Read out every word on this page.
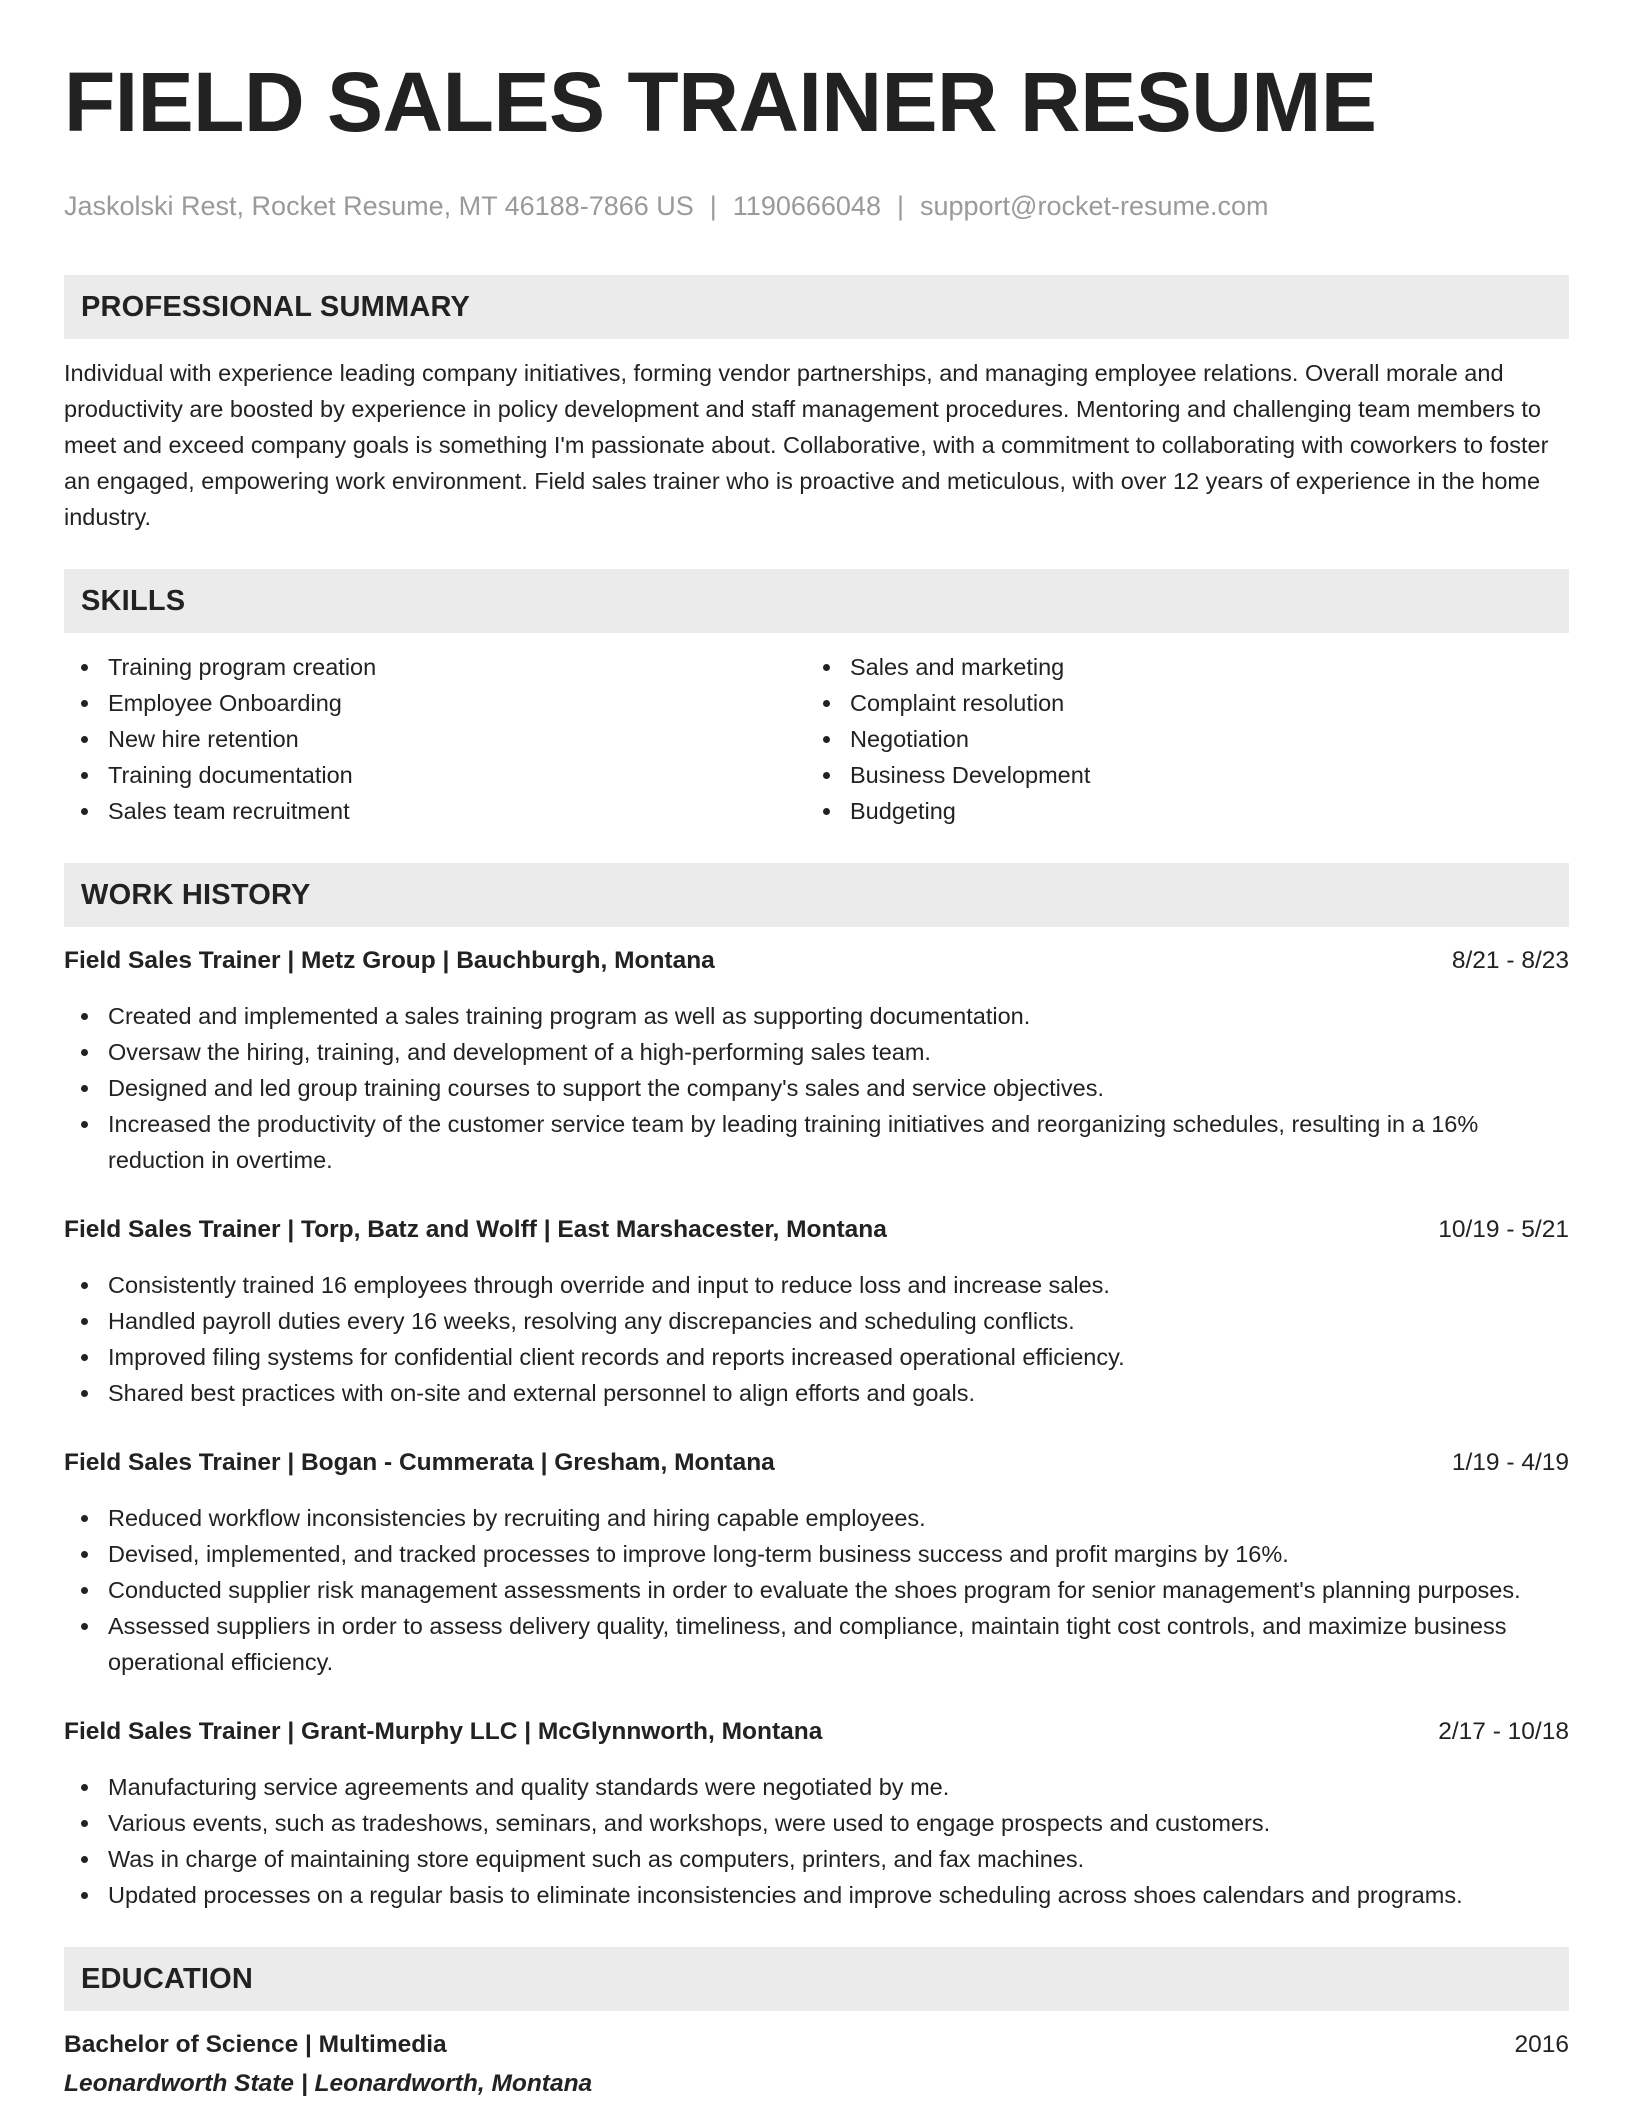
FIELD SALES TRAINER RESUME
Jaskolski Rest, Rocket Resume, MT 46188-7866 US | 1190666048 | support@rocket-resume.com
PROFESSIONAL SUMMARY

Individual with experience leading company initiatives, forming vendor partnerships, and managing employee relations. Overall morale and productivity are boosted by experience in policy development and staff management procedures. Mentoring and challenging team members to meet and exceed company goals is something I'm passionate about. Collaborative, with a commitment to collaborating with coworkers to foster an engaged, empowering work environment. Field sales trainer who is proactive and meticulous, with over 12 years of experience in the home industry.

SKILLS
Training program creation
Employee Onboarding
New hire retention
Training documentation
Sales team recruitment
Sales and marketing
Complaint resolution
Negotiation
Business Development
Budgeting
WORK HISTORY
Field Sales Trainer | Metz Group | Bauchburgh, Montana	8/21 - 8/23
Created and implemented a sales training program as well as supporting documentation.
Oversaw the hiring, training, and development of a high-performing sales team.
Designed and led group training courses to support the company's sales and service objectives.
Increased the productivity of the customer service team by leading training initiatives and reorganizing schedules, resulting in a 16% reduction in overtime.
Field Sales Trainer | Torp, Batz and Wolff | East Marshacester, Montana	10/19 - 5/21
Consistently trained 16 employees through override and input to reduce loss and increase sales.
Handled payroll duties every 16 weeks, resolving any discrepancies and scheduling conflicts.
Improved filing systems for confidential client records and reports increased operational efficiency.
Shared best practices with on-site and external personnel to align efforts and goals.
Field Sales Trainer | Bogan - Cummerata | Gresham, Montana	1/19 - 4/19
Reduced workflow inconsistencies by recruiting and hiring capable employees.
Devised, implemented, and tracked processes to improve long-term business success and profit margins by 16%.
Conducted supplier risk management assessments in order to evaluate the shoes program for senior management's planning purposes.
Assessed suppliers in order to assess delivery quality, timeliness, and compliance, maintain tight cost controls, and maximize business operational efficiency.
Field Sales Trainer | Grant-Murphy LLC | McGlynnworth, Montana	2/17 - 10/18
Manufacturing service agreements and quality standards were negotiated by me.
Various events, such as tradeshows, seminars, and workshops, were used to engage prospects and customers.
Was in charge of maintaining store equipment such as computers, printers, and fax machines.
Updated processes on a regular basis to eliminate inconsistencies and improve scheduling across shoes calendars and programs.
EDUCATION
Bachelor of Science | Multimedia	2016
Leonardworth State | Leonardworth, Montana
